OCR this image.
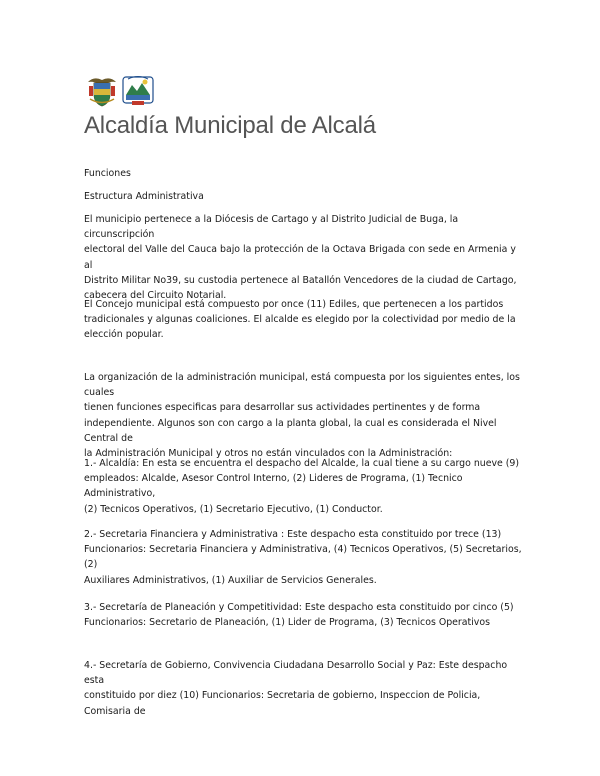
Alcaldía Municipal de Alcalá
Funciones
Estructura Administrativa

El municipio pertenece a la Diócesis de Cartago y al Distrito Judicial de Buga, la circunscripción

electoral del Valle del Cauca bajo la protección de la Octava Brigada con sede en Armenia y al

Distrito Militar No39, su custodia pertenece al Batallón Vencedores de la ciudad de Cartago,

cabecera del Circuito Notarial.

El Concejo municipal está compuesto por once (11) Ediles, que pertenecen a los partidos

tradicionales y algunas coaliciones. El alcalde es elegido por la colectividad por medio de la

elección popular.

La organización de la administración municipal, está compuesta por los siguientes entes, los cuales

tienen funciones especificas para desarrollar sus actividades pertinentes y de forma

independiente. Algunos son con cargo a la planta global, la cual es considerada el Nivel Central de

la Administración Municipal y otros no están vinculados con la Administración:

1.- Alcaldía: En esta se encuentra el despacho del Alcalde, la cual tiene a su cargo nueve (9)

empleados: Alcalde, Asesor Control Interno, (2) Lideres de Programa, (1) Tecnico Administrativo,

(2) Tecnicos Operativos, (1) Secretario Ejecutivo, (1) Conductor.

2.- Secretaria Financiera y Administrativa : Este despacho esta constituido por trece (13)

Funcionarios: Secretaria Financiera y Administrativa, (4) Tecnicos Operativos, (5) Secretarios, (2)

Auxiliares Administrativos, (1) Auxiliar de Servicios Generales.

3.- Secretaría de Planeación y Competitividad: Este despacho esta constituido por cinco (5)

Funcionarios: Secretario de Planeación, (1) Lider de Programa, (3) Tecnicos Operativos

4.- Secretaría de Gobierno, Convivencia Ciudadana Desarrollo Social y Paz: Este despacho esta

constituido por diez (10) Funcionarios: Secretaria de gobierno, Inspeccion de Policia, Comisaria de
